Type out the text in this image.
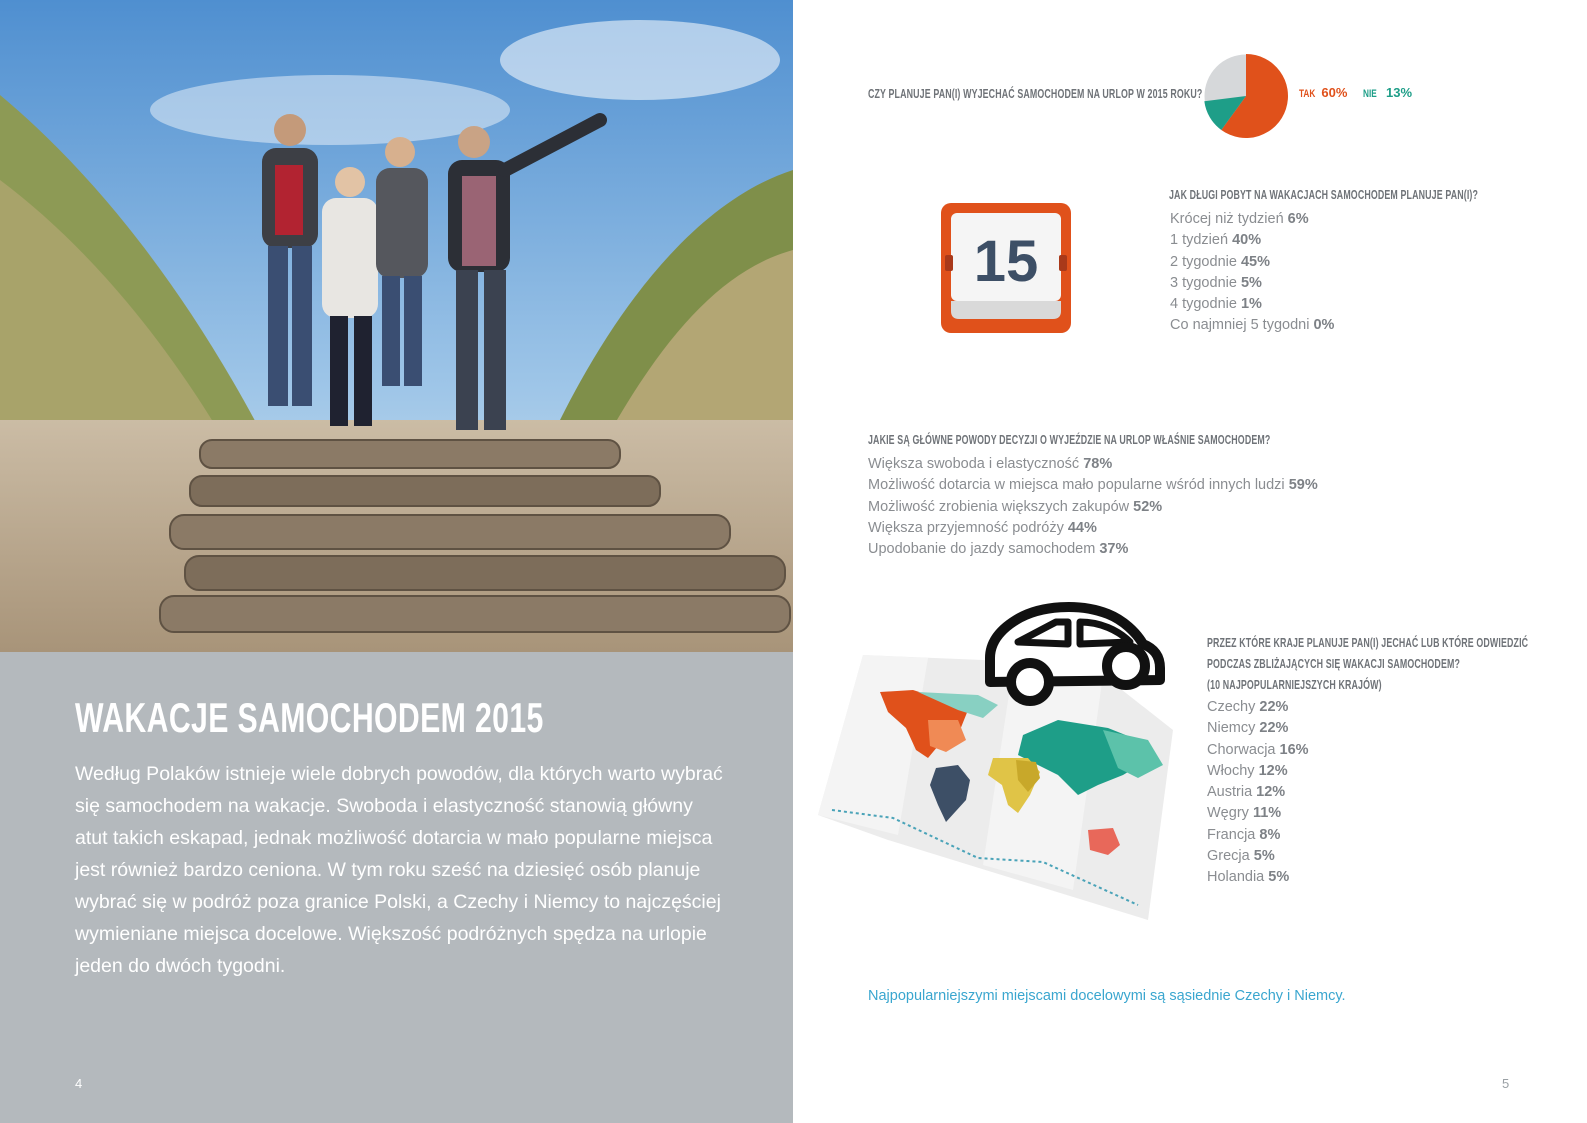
WAKACJE SAMOCHODEM 2015

Według Polaków istnieje wiele dobrych powodów, dla których warto wybrać się samochodem na wakacje. Swoboda i elastyczność stanowią główny atut takich eskapad, jednak możliwość dotarcia w mało popularne miejsca jest również bardzo ceniona. W tym roku sześć na dziesięć osób planuje wybrać się w podróż poza granice Polski, a Czechy i Niemcy to najczęściej wymieniane miejsca docelowe. Większość podróżnych spędza na urlopie jeden do dwóch tygodni.

4
CZY PLANUJE PAN(I) WYJECHAĆ SAMOCHODEM NA URLOP W 2015 ROKU?	TAK 60% NIE 13%
15
JAK DŁUGI POBYT NA WAKACJACH SAMOCHODEM PLANUJE PAN(I)?
Krócej niż tydzień 6%
1 tydzień 40%
2 tygodnie 45%
3 tygodnie 5%
4 tygodnie 1%
Co najmniej 5 tygodni 0%
JAKIE SĄ GŁÓWNE POWODY DECYZJI O WYJEŹDZIE NA URLOP WŁAŚNIE SAMOCHODEM?
Większa swoboda i elastyczność 78%
Możliwość dotarcia w miejsca mało popularne wśród innych ludzi 59%
Możliwość zrobienia większych zakupów 52%
Większa przyjemność podróży 44%
Upodobanie do jazdy samochodem 37%
PRZEZ KTÓRE KRAJE PLANUJE PAN(I) JECHAĆ LUB KTÓRE ODWIEDZIĆ
PODCZAS ZBLIŻAJĄCYCH SIĘ WAKACJI SAMOCHODEM?
(10 NAJPOPULARNIEJSZYCH KRAJÓW)
Czechy 22%
Niemcy 22%
Chorwacja 16%
Włochy 12%
Austria 12%
Węgry 11%
Francja 8%
Grecja 5%
Holandia 5%
Najpopularniejszymi miejscami docelowymi są sąsiednie Czechy i Niemcy.
5
